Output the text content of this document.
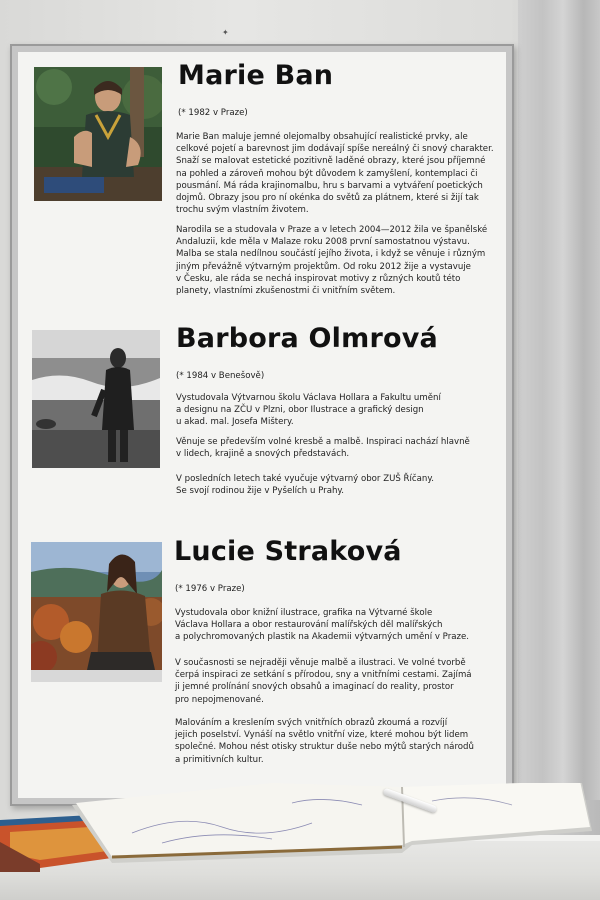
✦
Marie Ban
(* 1982 v Praze)
Marie Ban maluje jemné olejomalby obsahující realistické prvky, ale
celkové pojetí a barevnost jim dodávají spíše nereálný či snový charakter.
Snaží se malovat estetické pozitivně laděné obrazy, které jsou příjemné
na pohled a zároveň mohou být důvodem k zamyšlení, kontemplaci či
pousmání. Má ráda krajinomalbu, hru s barvami a vytváření poetických
dojmů. Obrazy jsou pro ní okénka do světů za plátnem, které si žijí tak
trochu svým vlastním životem.
Narodila se a studovala v Praze a v letech 2004—2012 žila ve španělské
Andaluzii, kde měla v Malaze roku 2008 první samostatnou výstavu.
Malba se stala nedílnou součástí jejího života, i když se věnuje i různým
jiným převážně výtvarným projektům. Od roku 2012 žije a vystavuje
v Česku, ale ráda se nechá inspirovat motivy z různých koutů této
planety, vlastními zkušenostmi či vnitřním světem.
Barbora Olmrová
(* 1984 v Benešově)
Vystudovala Výtvarnou školu Václava Hollara a Fakultu umění
a designu na ZČU v Plzni, obor Ilustrace a grafický design
u akad. mal. Josefa Mištery.
Věnuje se především volné kresbě a malbě. Inspiraci nachází hlavně
v lidech, krajině a snových představách.
V posledních letech také vyučuje výtvarný obor ZUŠ Říčany.
Se svojí rodinou žije v Pyšelích u Prahy.
Lucie Straková
(* 1976 v Praze)
Vystudovala obor knižní ilustrace, grafika na Výtvarné škole
Václava Hollara a obor restaurování malířských děl malířských
a polychromovaných plastik na Akademii výtvarných umění v Praze.
V současnosti se nejraději věnuje malbě a ilustraci. Ve volné tvorbě
čerpá inspiraci ze setkání s přírodou, sny a vnitřními cestami. Zajímá
ji jemné prolínání snových obsahů a imaginací do reality, prostor
pro nepojmenované.
Malováním a kreslením svých vnitřních obrazů zkoumá a rozvíjí
jejich poselství. Vynáší na světlo vnitřní vize, které mohou být lidem
společné. Mohou nést otisky struktur duše nebo mýtů starých národů
a primitivních kultur.
